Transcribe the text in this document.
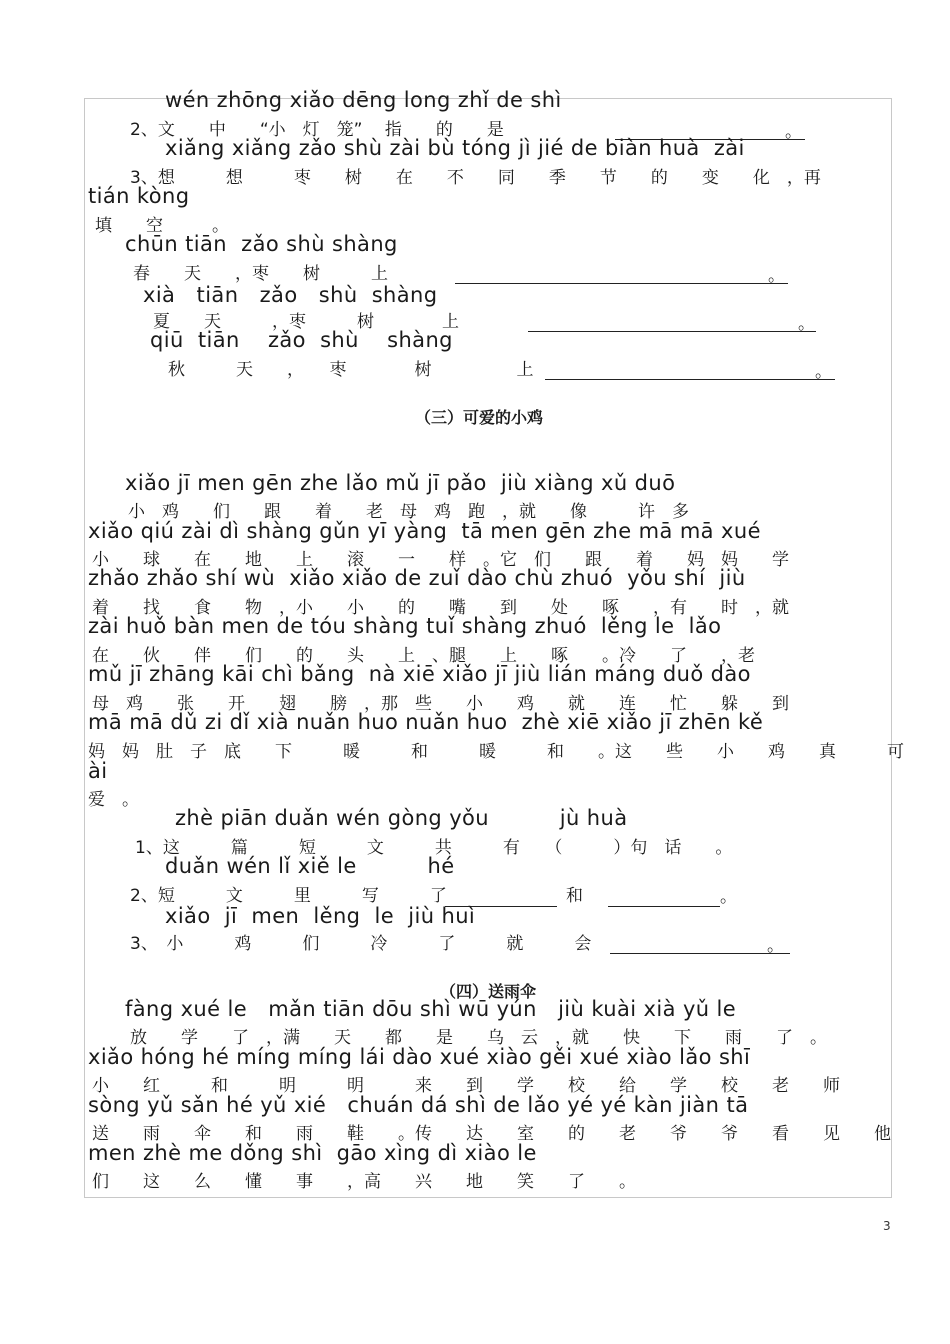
wén zhōng xiǎo dēng long zhǐ de shì
2、文　　中　　“小　灯　笼” 　指　　的　　是	。
xiǎng xiǎng zǎo shù zài bù tóng jì jié de biàn huà  zài
3、想　　　想　　　枣　　树　　在　　不　　同　　季　　节　　的　　变　　化　，再
tián kòng
填　　空	。
chūn tiān  zǎo shù shàng
春　　天　　，枣　　树　　　上	。
xià   tiān   zǎo   shù  shàng
夏　　天　　　，枣　　　树　　　　上	。
qiū  tiān    zǎo  shù    shàng
秋　　　天　　，　　枣　　　　树　　　　　上	。
（三）可爱的小鸡
xiǎo jī men gēn zhe lǎo mǔ jī pǎo  jiù xiàng xǔ duō
小　鸡　　们　　跟　　着　　老　母　鸡　跑　，就　　像　　　许　多
xiǎo qiú zài dì shàng gǔn yī yàng  tā men gēn zhe mā mā xué
小　　球　　在　　地　　上　　滚　　一　　样　。它　们　　跟　　着　　妈　妈　　学
zhǎo zhǎo shí wù  xiǎo xiǎo de zuǐ dào chù zhuó  yǒu shí  jiù
着　　找　　食　　物　，小　　小　　的　　嘴　　到　　处　　啄　　，有　　时　，就
zài huǒ bàn men de tóu shàng tuǐ shàng zhuó  lěng le  lǎo
在　　伙　　伴　　们　　的　　头　　上　、腿　　上　　啄　　。冷　　了　　，老
mǔ jī zhāng kāi chì bǎng  nà xiē xiǎo jī jiù lián máng duǒ dào
母　鸡　　张　　开　　翅　　膀　，那　些　　小　　鸡　　就　　连　　忙　　躲　　到
mā mā dǔ zi dǐ xià nuǎn huo nuǎn huo  zhè xiē xiǎo jī zhēn kě
妈　妈　肚　子　底　　下　　　暖　　　和　　　暖　　　和　　。这　　些　　小　　鸡　　真　　　可
ài
爱　。
zhè piān duǎn wén gòng yǒu          jù huà
1、这　　　篇　　　短　　　文　　　共　　　有　　（　　　）句　话　　。
duǎn wén lǐ xiě le          hé
2、短　　　文　　　里　　　写　　　了	和	。
xiǎo  jī  men  lěng  le  jiù huì
3、　小　　　鸡　　　们　　　冷　　　了　　　就　　　会	。
（四）送雨伞
fàng xué le   mǎn tiān dōu shì wū yún   jiù kuài xià yǔ le
放　　学　　了　，满　　天　　都　　是　　乌　云　，就　　快　　下　　雨　　了　。
xiǎo hóng hé míng míng lái dào xué xiào gěi xué xiào lǎo shī
小　　红　　　和　　　明　　　明　　　来　　到　　学　　校　　给　　学　　校　　老　　师
sòng yǔ sǎn hé yǔ xié   chuán dá shì de lǎo yé yé kàn jiàn tā
送　　雨　　伞　　和　　雨　　鞋　　。传　　达　　室　　的　　老　　爷　　爷　　看　　见　　他
men zhè me dǒng shì  gāo xìng dì xiào le
们　　这　　么　　懂　　事　　，高　　兴　　地　　笑　　了　　。
3
